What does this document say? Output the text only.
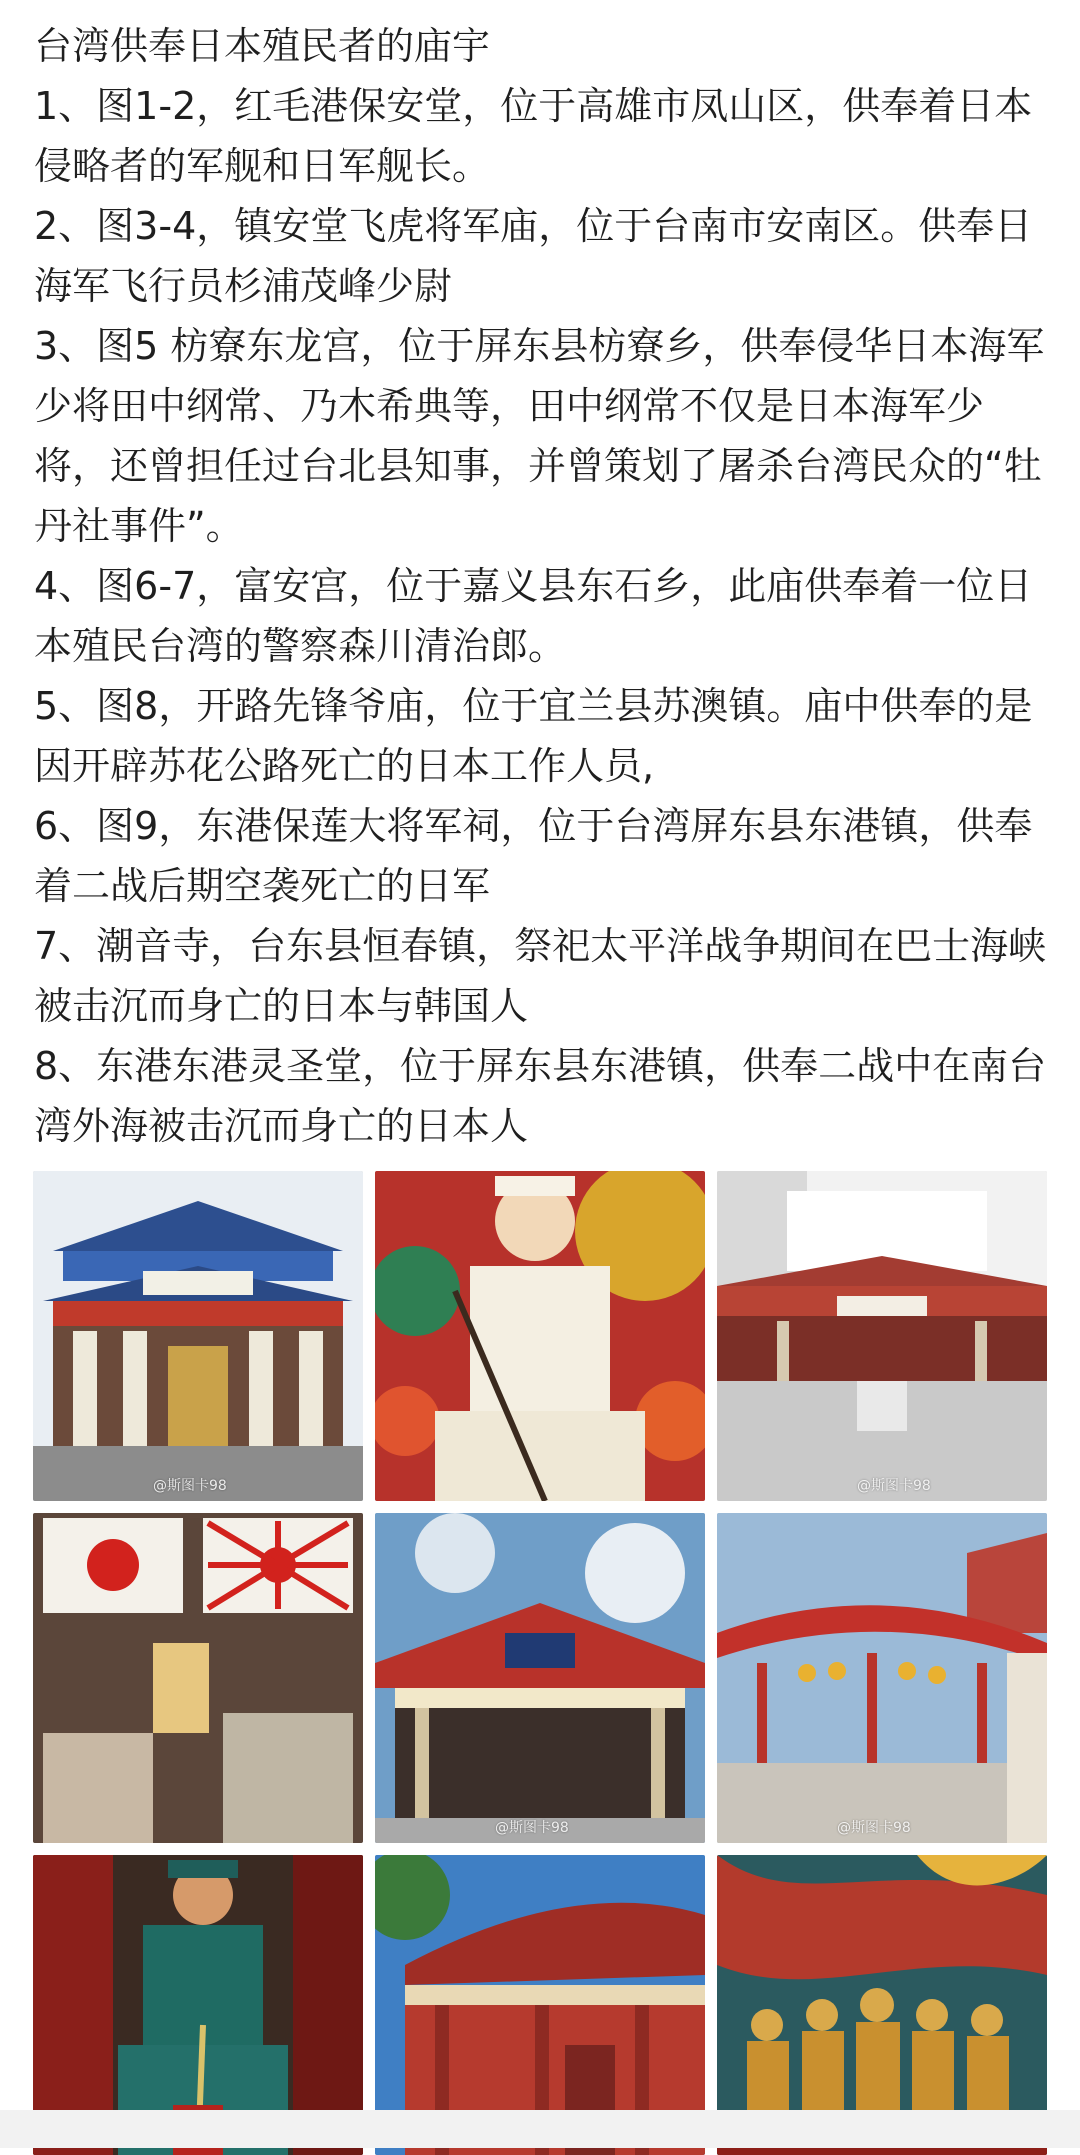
台湾供奉日本殖民者的庙宇

1、图1-2，红毛港保安堂，位于高雄市凤山区，供奉着日本侵略者的军舰和日军舰长。

2、图3-4，镇安堂飞虎将军庙，位于台南市安南区。供奉日海军飞行员杉浦茂峰少尉

3、图5 枋寮东龙宫，位于屏东县枋寮乡，供奉侵华日本海军少将田中纲常、乃木希典等，田中纲常不仅是日本海军少将，还曾担任过台北县知事，并曾策划了屠杀台湾民众的“牡丹社事件”。

4、图6-7，富安宫，位于嘉义县东石乡，此庙供奉着一位日本殖民台湾的警察森川清治郎。

5、图8，开路先锋爷庙，位于宜兰县苏澳镇。庙中供奉的是因开辟苏花公路死亡的日本工作人员,

6、图9，东港保莲大将军祠，位于台湾屏东县东港镇，供奉着二战后期空袭死亡的日军

7、潮音寺，台东县恒春镇，祭祀太平洋战争期间在巴士海峡被击沉而身亡的日本与韩国人

8、东港东港灵圣堂，位于屏东县东港镇，供奉二战中在南台湾外海被击沉而身亡的日本人

@斯图卡98	@斯图卡98
@斯图卡98	@斯图卡98
